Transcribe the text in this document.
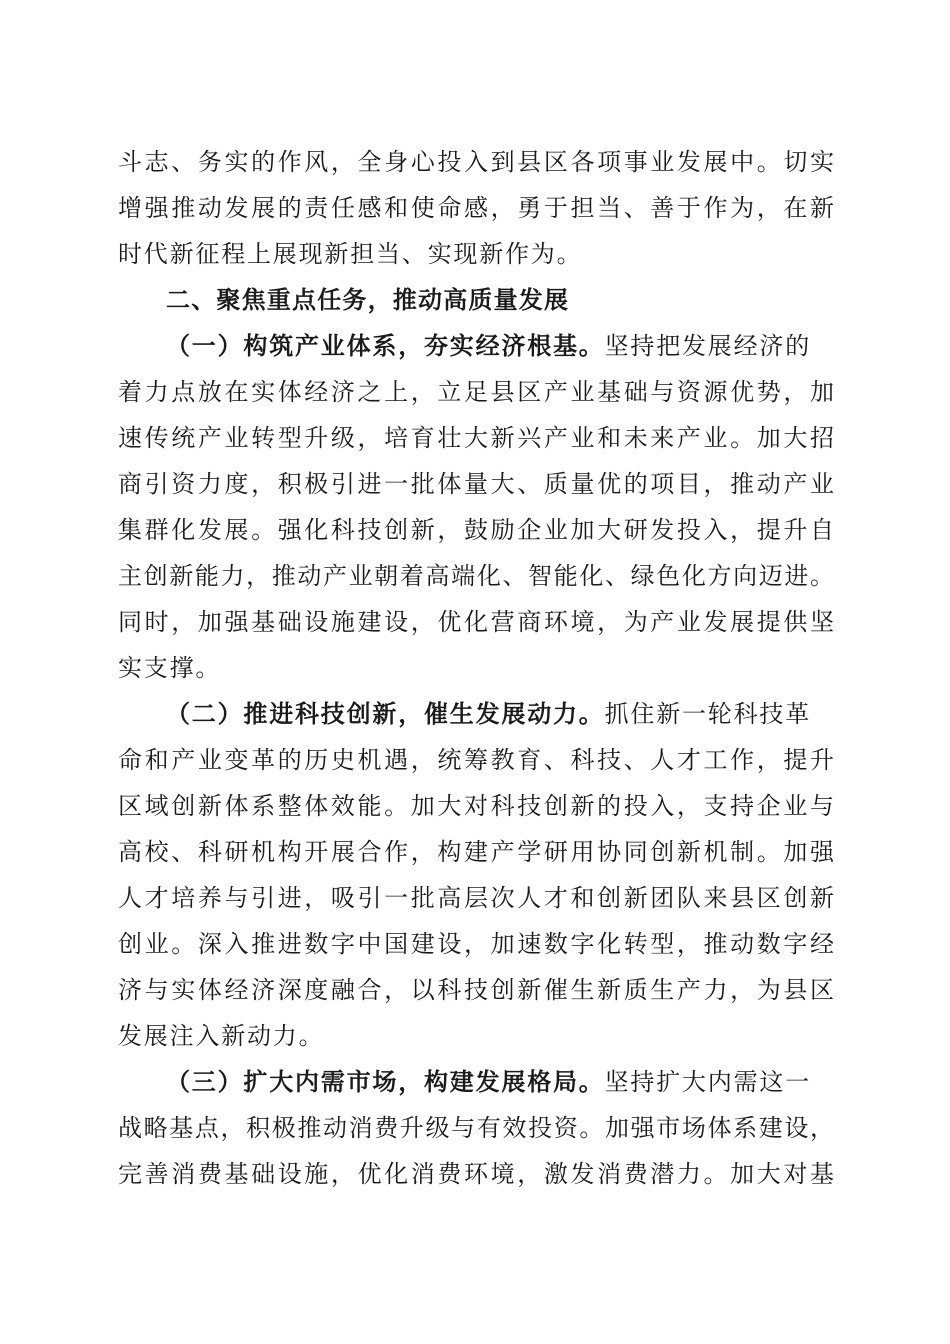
斗志、务实的作风，全身心投入到县区各项事业发展中。切实
增强推动发展的责任感和使命感，勇于担当、善于作为，在新
时代新征程上展现新担当、实现新作为。
二、聚焦重点任务，推动高质量发展
（一）构筑产业体系，夯实经济根基。坚持把发展经济的
着力点放在实体经济之上，立足县区产业基础与资源优势，加
速传统产业转型升级，培育壮大新兴产业和未来产业。加大招
商引资力度，积极引进一批体量大、质量优的项目，推动产业
集群化发展。强化科技创新，鼓励企业加大研发投入，提升自
主创新能力，推动产业朝着高端化、智能化、绿色化方向迈进。
同时，加强基础设施建设，优化营商环境，为产业发展提供坚
实支撑。
（二）推进科技创新，催生发展动力。抓住新一轮科技革
命和产业变革的历史机遇，统筹教育、科技、人才工作，提升
区域创新体系整体效能。加大对科技创新的投入，支持企业与
高校、科研机构开展合作，构建产学研用协同创新机制。加强
人才培养与引进，吸引一批高层次人才和创新团队来县区创新
创业。深入推进数字中国建设，加速数字化转型，推动数字经
济与实体经济深度融合，以科技创新催生新质生产力，为县区
发展注入新动力。
（三）扩大内需市场，构建发展格局。坚持扩大内需这一
战略基点，积极推动消费升级与有效投资。加强市场体系建设，
完善消费基础设施，优化消费环境，激发消费潜力。加大对基
